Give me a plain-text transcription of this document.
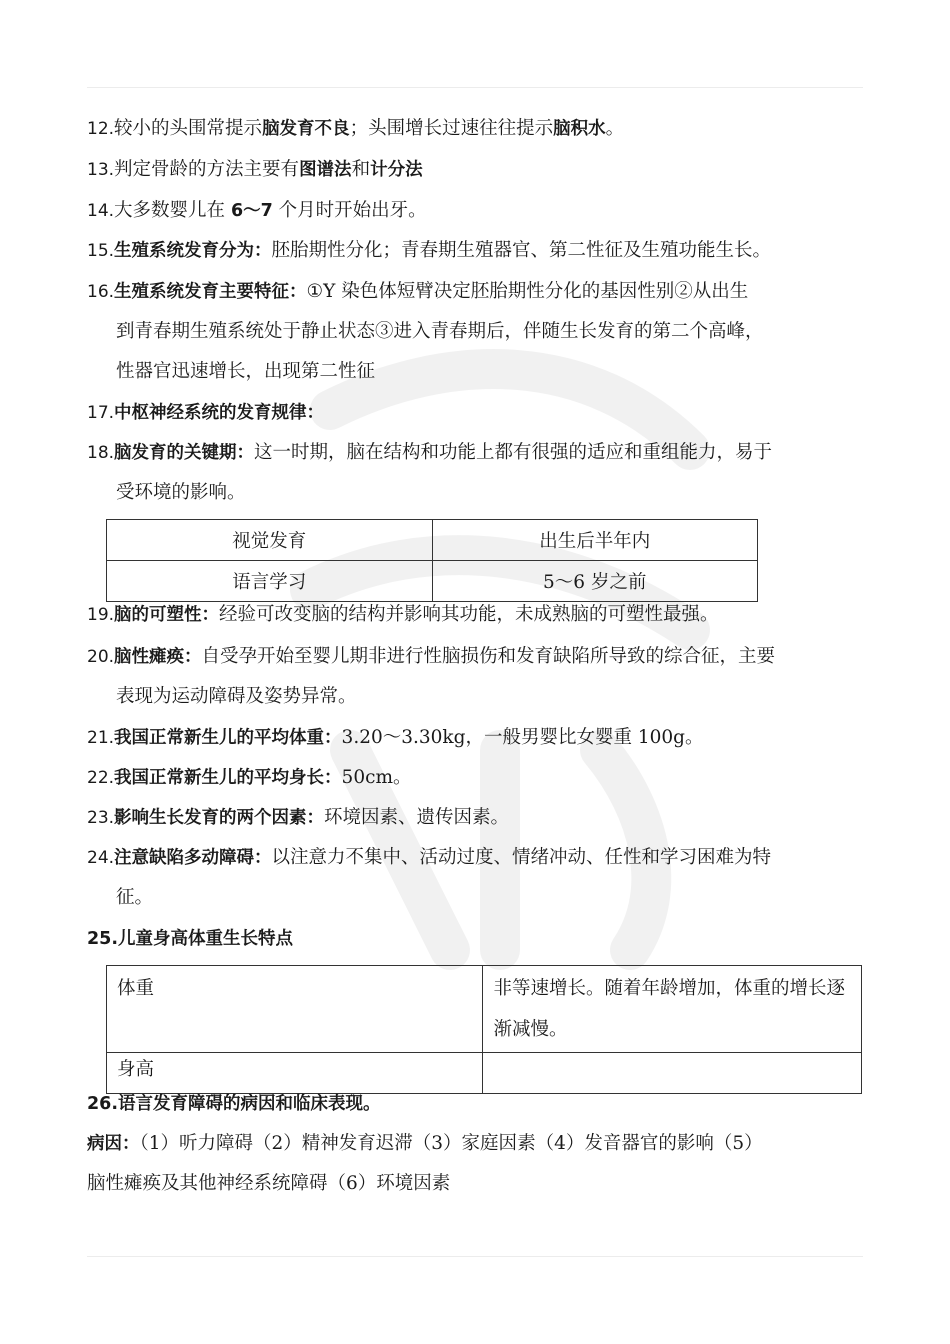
12.较小的头围常提示脑发育不良；头围增长过速往往提示脑积水。
13.判定骨龄的方法主要有图谱法和计分法
14.大多数婴儿在 6～7 个月时开始出牙。
15.生殖系统发育分为：胚胎期性分化；青春期生殖器官、第二性征及生殖功能生长。
16.生殖系统发育主要特征：①Y 染色体短臂决定胚胎期性分化的基因性别②从出生
到青春期生殖系统处于静止状态③进入青春期后，伴随生长发育的第二个高峰，
性器官迅速增长，出现第二性征
17.中枢神经系统的发育规律：
18.脑发育的关键期：这一时期，脑在结构和功能上都有很强的适应和重组能力，易于
受环境的影响。
视觉发育	出生后半年内
语言学习	5～6 岁之前
19.脑的可塑性：经验可改变脑的结构并影响其功能，未成熟脑的可塑性最强。
20.脑性瘫痪：自受孕开始至婴儿期非进行性脑损伤和发育缺陷所导致的综合征，主要
表现为运动障碍及姿势异常。
21.我国正常新生儿的平均体重：3.20～3.30kg，一般男婴比女婴重 100g。
22.我国正常新生儿的平均身长：50cm。
23.影响生长发育的两个因素：环境因素、遗传因素。
24.注意缺陷多动障碍：以注意力不集中、活动过度、情绪冲动、任性和学习困难为特
征。
25.儿童身高体重生长特点
体重	非等速增长。随着年龄增加，体重的增长逐渐减慢。
身高	
26.语言发育障碍的病因和临床表现。
病因：（1）听力障碍（2）精神发育迟滞（3）家庭因素（4）发音器官的影响（5）
脑性瘫痪及其他神经系统障碍（6）环境因素
